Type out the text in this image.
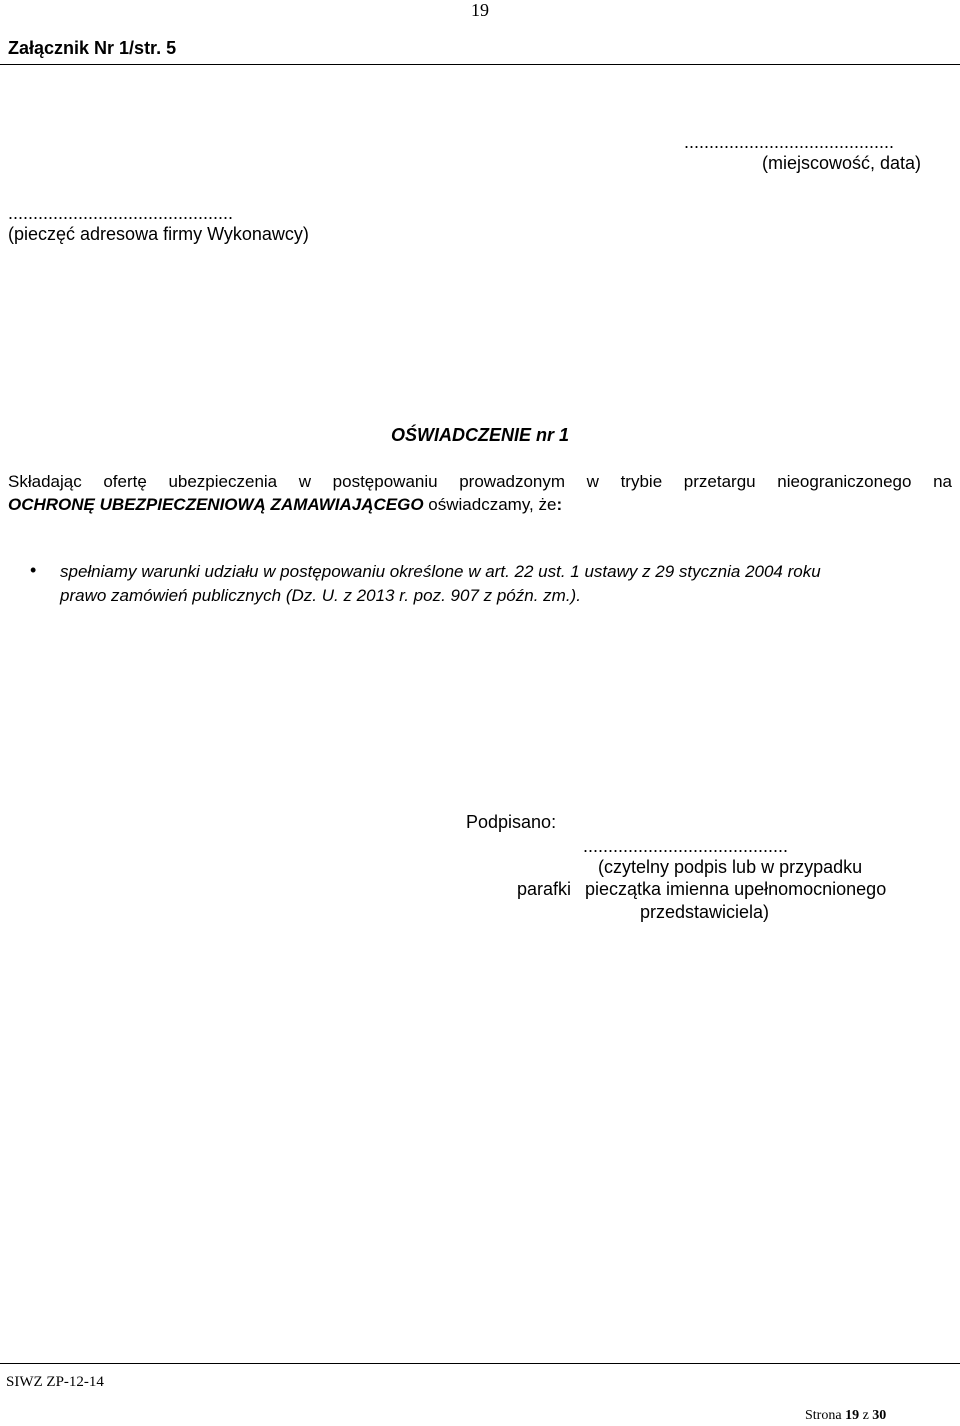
19
Załącznik Nr 1/str. 5
..........................................
(miejscowość, data)
.............................................
(pieczęć adresowa firmy Wykonawcy)
OŚWIADCZENIE nr 1
Składając ofertę ubezpieczenia w postępowaniu prowadzonym w trybie przetargu nieograniczonego na
OCHRONĘ UBEZPIECZENIOWĄ ZAMAWIAJĄCEGO oświadczamy, że:
• spełniamy warunki udziału w postępowaniu określone w art. 22 ust. 1 ustawy z 29 stycznia 2004 roku
prawo zamówień publicznych (Dz. U. z 2013 r. poz. 907 z późn. zm.).
Podpisano:
.........................................
(czytelny podpis lub w przypadku
parafki pieczątka imienna upełnomocnionego
przedstawiciela)
SIWZ ZP-12-14
Strona 19 z 30
